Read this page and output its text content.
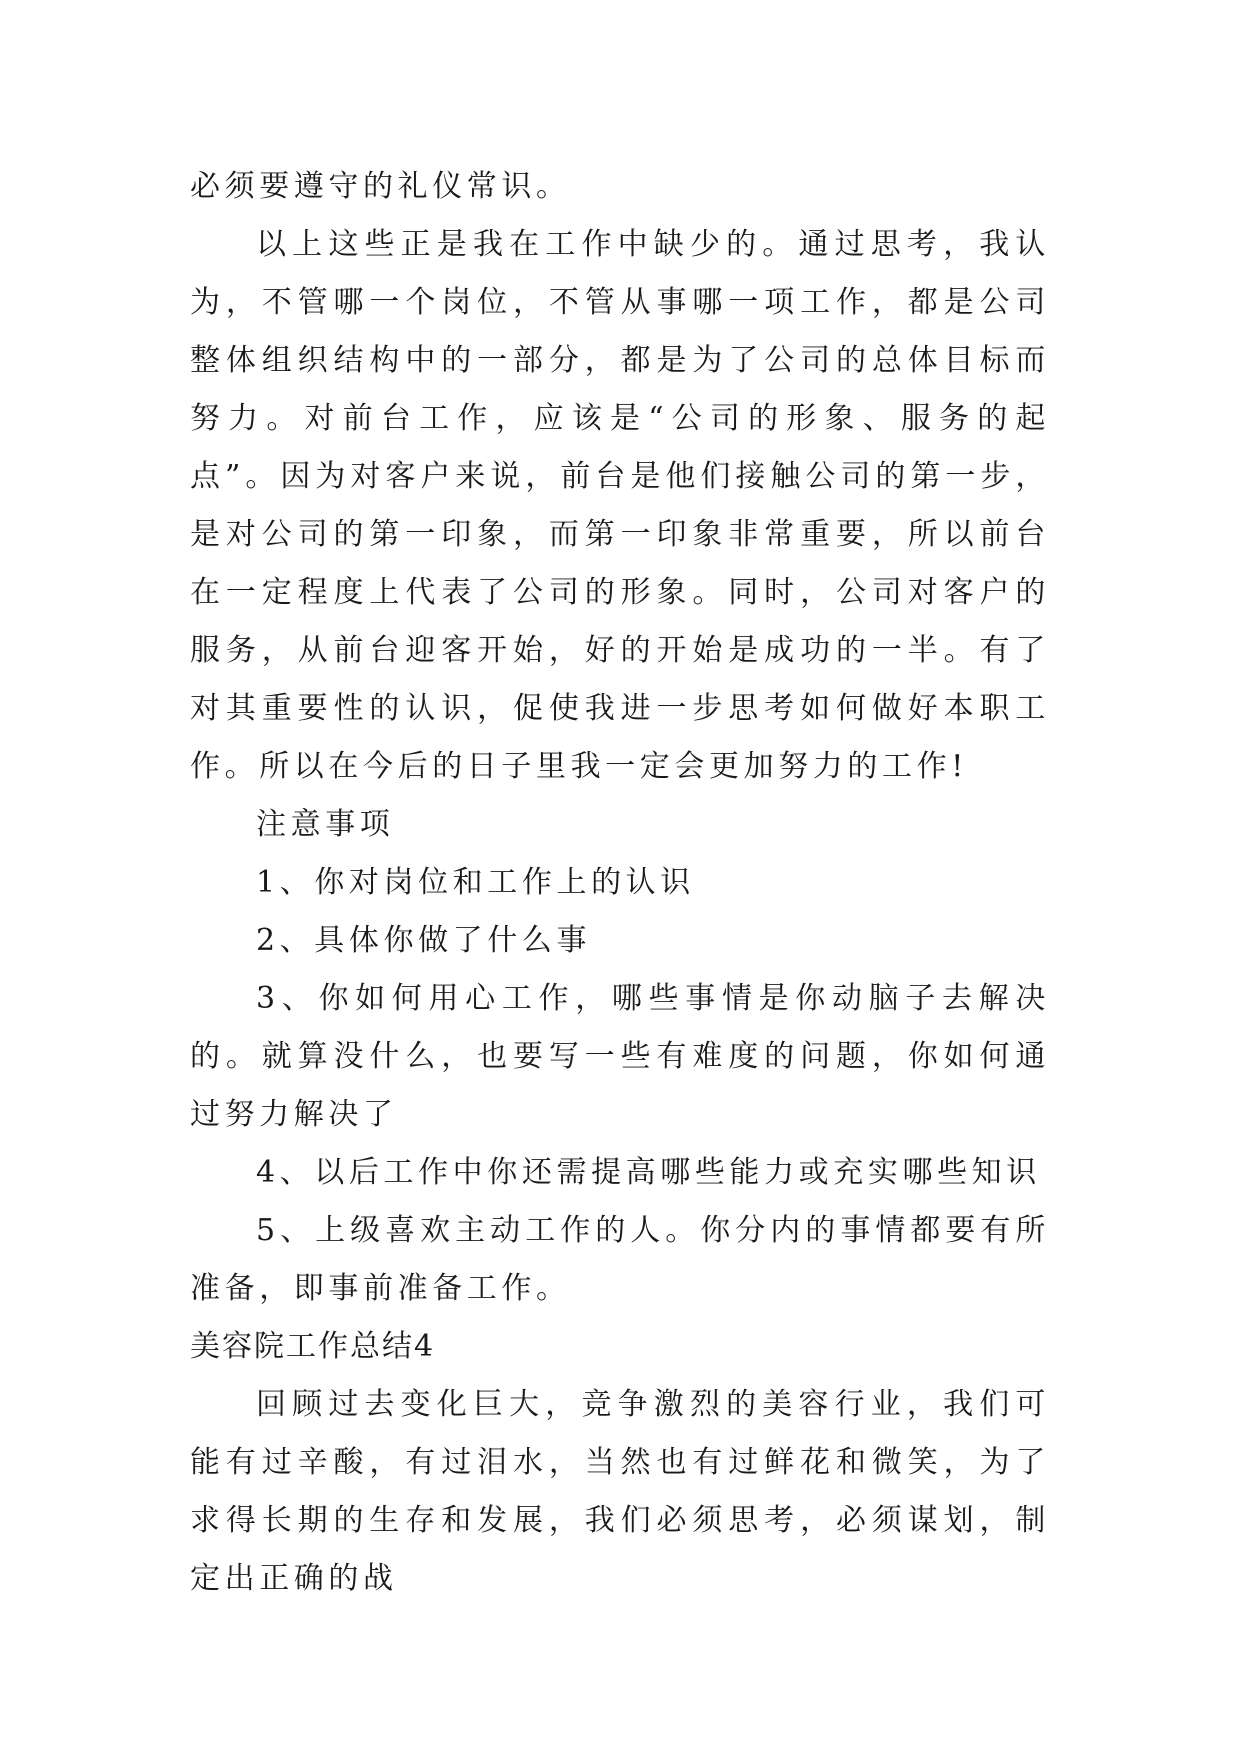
必须要遵守的礼仪常识。

以上这些正是我在工作中缺少的。通过思考，我认为，不管哪一个岗位，不管从事哪一项工作，都是公司整体组织结构中的一部分，都是为了公司的总体目标而努力。对前台工作，应该是“公司的形象、服务的起点”。因为对客户来说，前台是他们接触公司的第一步，是对公司的第一印象，而第一印象非常重要，所以前台在一定程度上代表了公司的形象。同时，公司对客户的服务，从前台迎客开始，好的开始是成功的一半。有了对其重要性的认识，促使我进一步思考如何做好本职工作。所以在今后的日子里我一定会更加努力的工作!

注意事项

1、你对岗位和工作上的认识

2、具体你做了什么事

3、你如何用心工作，哪些事情是你动脑子去解决的。就算没什么，也要写一些有难度的问题，你如何通过努力解决了

4、以后工作中你还需提高哪些能力或充实哪些知识

5、上级喜欢主动工作的人。你分内的事情都要有所准备，即事前准备工作。

美容院工作总结4

回顾过去变化巨大，竞争激烈的美容行业，我们可能有过辛酸，有过泪水，当然也有过鲜花和微笑，为了求得长期的生存和发展，我们必须思考，必须谋划，制定出正确的战
